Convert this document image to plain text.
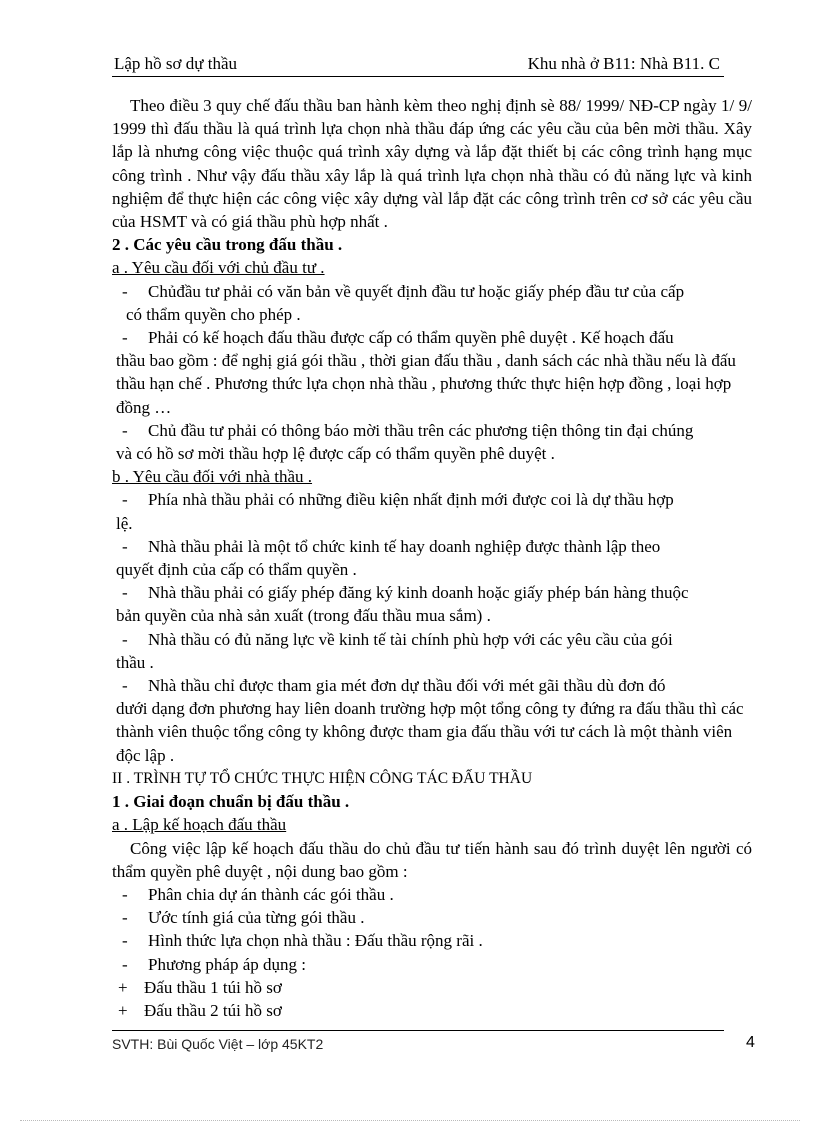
Lập hồ sơ dự thầu	Khu nhà ở B11: Nhà B11. C

Theo điều 3 quy chế đấu thầu ban hành kèm theo nghị định sè 88/ 1999/ NĐ-CP ngày 1/ 9/ 1999 thì đấu thầu là quá trình lựa chọn nhà thầu đáp ứng các yêu cầu của bên mời thầu. Xây lắp là nhưng công việc thuộc quá trình xây dựng và lắp đặt thiết bị các công trình hạng mục công trình . Như vậy đấu thầu xây lắp là quá trình lựa chọn nhà thầu có đủ năng lực và kinh nghiệm để thực hiện các công việc xây dựng vàl lắp đặt các công trình trên cơ sở các yêu cầu của HSMT và có giá thầu phù hợp nhất .

2 . Các yêu cầu trong đấu thầu .

a . Yêu cầu đối với chủ đầu tư .

- Chủđầu tư phải có văn bản về quyết định đầu tư hoặc giấy phép đầu tư của cấp

có thẩm quyền cho phép .

- Phải có kế hoạch đấu thầu được cấp có thẩm quyền phê duyệt . Kế hoạch đấu

thầu bao gồm : để nghị giá gói thầu , thời gian đấu thầu , danh sách các nhà thầu nếu là đấu thầu hạn chế . Phương thức lựa chọn nhà thầu , phương thức thực hiện hợp đồng , loại hợp đồng …

- Chủ đầu tư phải có thông báo mời thầu trên các phương tiện thông tin đại chúng

và có hồ sơ mời thầu hợp lệ được cấp có thẩm quyền phê duyệt .

b . Yêu cầu đối với nhà thầu .

- Phía nhà thầu phải có những điều kiện nhất định mới được coi là dự thầu hợp

lệ.

- Nhà thầu phải là một tổ chức kinh tế hay doanh nghiệp được thành lập theo

quyết định của cấp có thẩm quyền .

- Nhà thầu phải có giấy phép đăng ký kinh doanh hoặc giấy phép bán hàng thuộc

bản quyền của nhà sản xuất (trong đấu thầu mua sắm) .

- Nhà thầu có đủ năng lực về kinh tế tài chính phù hợp với các yêu cầu của gói

thầu .

- Nhà thầu chỉ được tham gia mét đơn dự thầu đối với mét gãi thầu dù đơn đó

dưới dạng đơn phương hay liên doanh trường hợp một tổng công ty đứng ra đấu thầu thì các thành viên thuộc tổng công ty không được tham gia đấu thầu với tư cách là một thành viên độc lập .

II . TRÌNH TỰ TỔ CHỨC THỰC HIỆN CÔNG TÁC ĐẤU THẦU

1 . Giai đoạn chuẩn bị đấu thầu .

a . Lập kế hoạch đấu thầu

Công việc lập kế hoạch đấu thầu do chủ đầu tư tiến hành sau đó trình duyệt lên người có thẩm quyền phê duyệt , nội dung bao gồm :

- Phân chia dự án thành các gói thầu .

- Ước tính giá của từng gói thầu .

- Hình thức lựa chọn nhà thầu : Đấu thầu rộng rãi .

- Phương pháp áp dụng :

+ Đấu thầu 1 túi hồ sơ

+ Đấu thầu 2 túi hồ sơ

SVTH: Bùi Quốc Việt – lớp 45KT2	4
